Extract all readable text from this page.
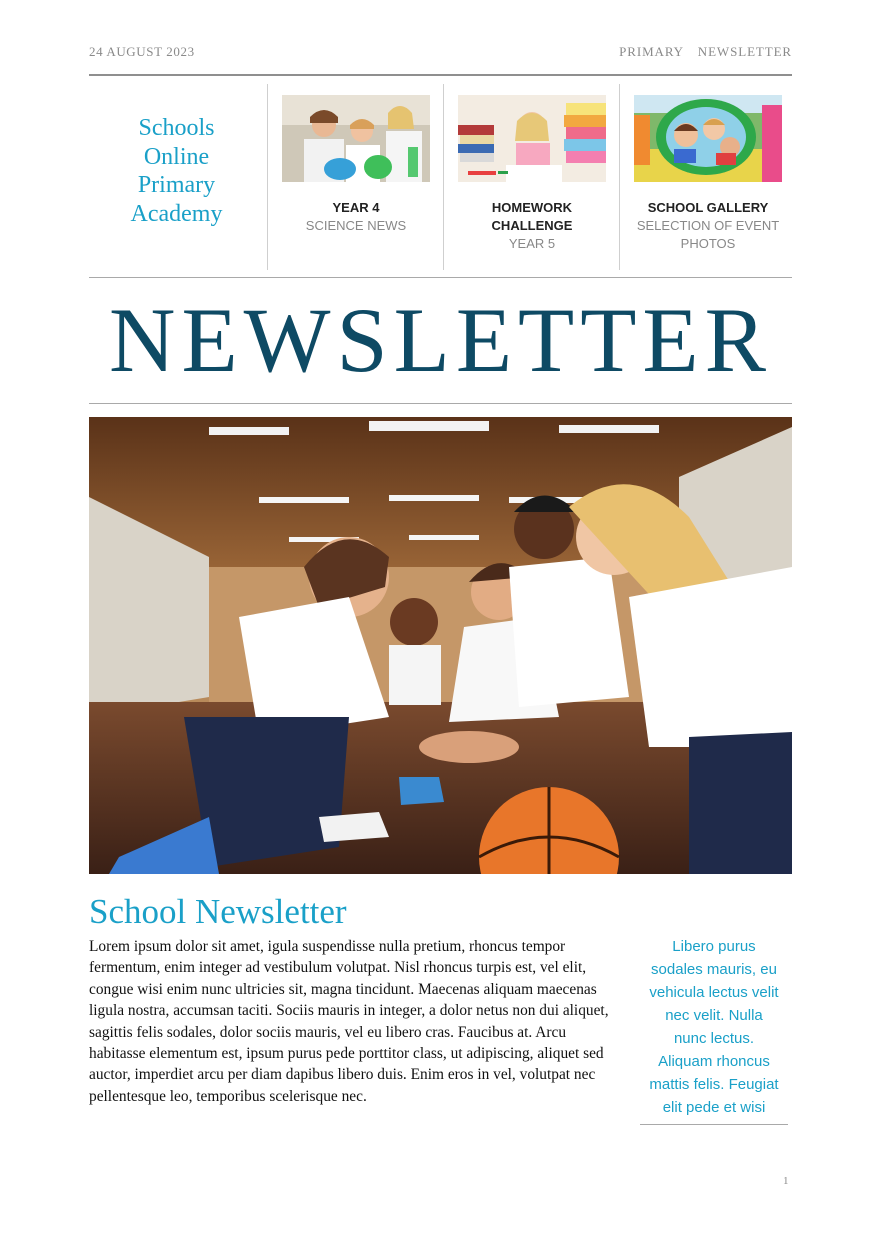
24 AUGUST 2023	PRIMARY  NEWSLETTER
Schools
Online
Primary
Academy	YEAR 4
SCIENCE NEWS
HOMEWORK
CHALLENGE
YEAR 5
SCHOOL GALLERY
SELECTION OF EVENT
PHOTOS
NEWSLETTER
School Newsletter
Lorem ipsum dolor sit amet, igula suspendisse nulla pretium, rhoncus tempor fermentum, enim integer ad vestibulum volutpat. Nisl rhoncus turpis est, vel elit, congue wisi enim nunc ultricies sit, magna tincidunt. Maecenas aliquam maecenas ligula nostra, accumsan taciti. Sociis mauris in integer, a dolor netus non dui aliquet, sagittis felis sodales, dolor sociis mauris, vel eu libero cras. Faucibus at. Arcu habitasse elementum est, ipsum purus pede porttitor class, ut adipiscing, aliquet sed auctor, imperdiet arcu per diam dapibus libero duis. Enim eros in vel, volutpat nec pellentesque leo, temporibus scelerisque nec.
Libero purus
sodales mauris, eu
vehicula lectus velit
nec velit. Nulla
nunc lectus.
Aliquam rhoncus
mattis felis. Feugiat
elit pede et wisi
1
